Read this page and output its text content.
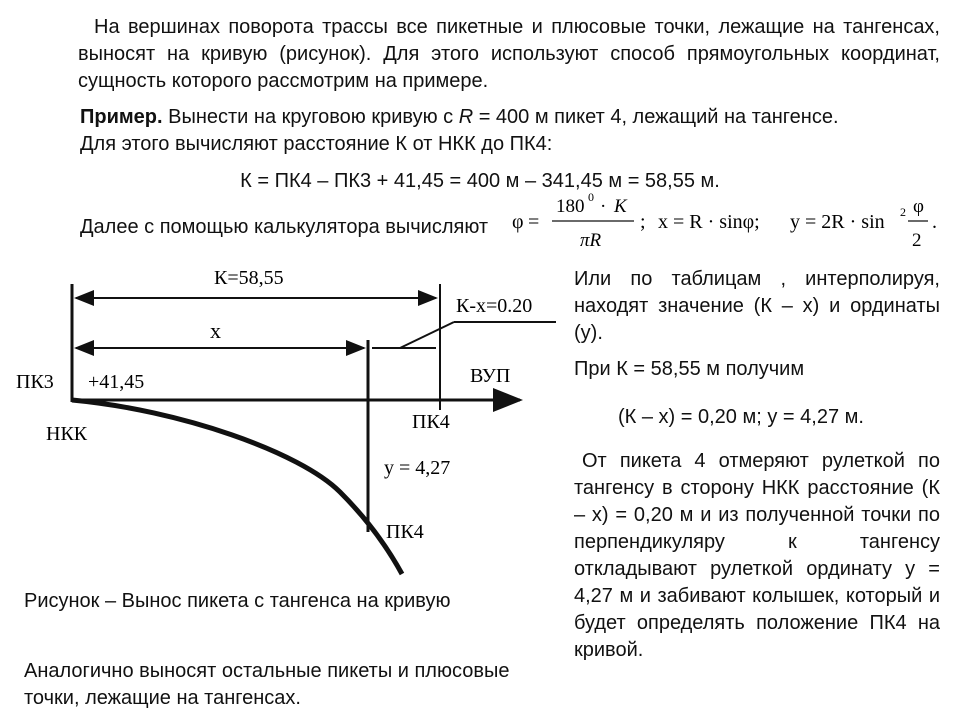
На вершинах поворота трассы все пикетные и плюсовые точки, лежащие на тангенсах, выносят на кривую (рисунок). Для этого используют способ прямоугольных координат, сущность которого рассмотрим на примере.
Пример. Вынести на круговою кривую с R = 400 м пикет 4, лежащий на тангенсе.
Для этого вычисляют расстояние К от НКК до ПК4:
К = ПК4 – ПК3 + 41,45 = 400 м – 341,45 м = 58,55 м.
Далее с помощью калькулятора вычисляют φ =
180 0 · K
πR
; x = R · sinφ; y = 2R · sin 2 φ
2
.
К=58,55
К-х=0.20
х
ПК3 +41,45	ВУП
НКК
ПК4
у = 4,27
ПК4
Или по таблицам , интерполируя, находят значение (К – х) и ординаты (у).
При К = 58,55 м получим
(К – х) = 0,20 м; у = 4,27 м.
От пикета 4 отмеряют рулеткой по тангенсу в сторону НКК расстояние (К – х) = 0,20 м и из полученной точки по перпендикуляру к тангенсу откладывают рулеткой ординату у = 4,27 м и забивают колышек, который и будет определять положение ПК4 на кривой.
Рисунок – Вынос пикета с тангенса на кривую
Аналогично выносят остальные пикеты и плюсовые точки, лежащие на тангенсах.
